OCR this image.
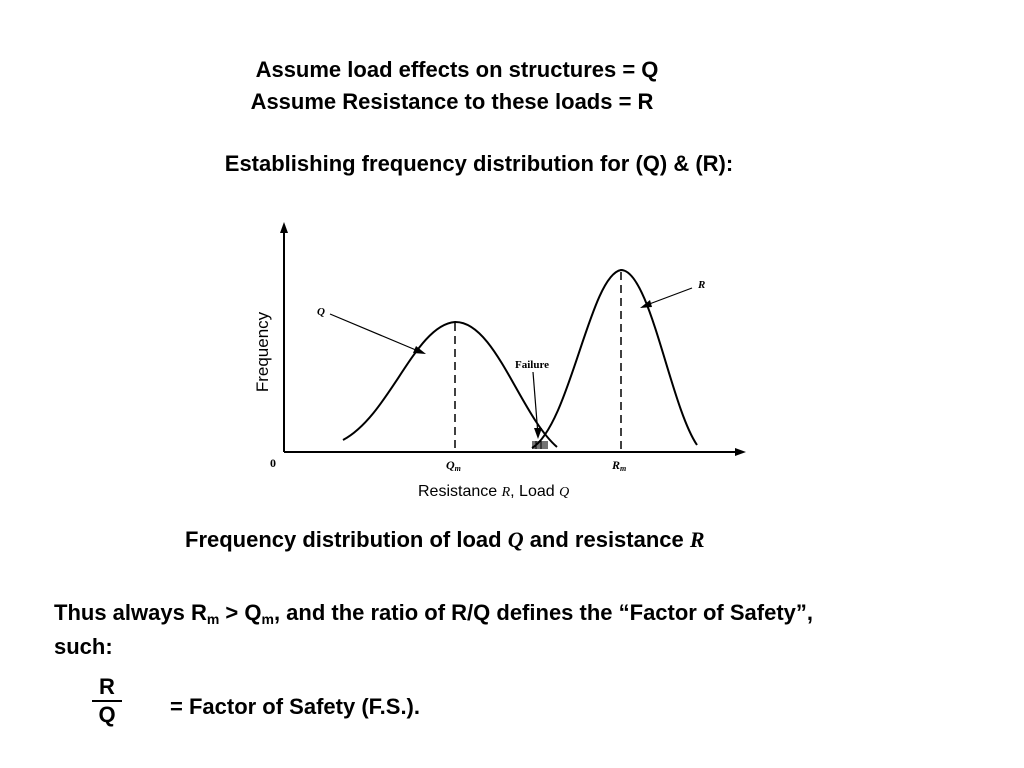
Assume load effects on structures = Q
Assume Resistance to these loads = R
Establishing frequency distribution for (Q) & (R):
Frequency
0
Q
R
Failure
Qm	Rm
Resistance R, Load Q
Frequency distribution of load Q and resistance R
Thus always $R_m > Q_m$, and the ratio of R/Q defines the “Factor of Safety”,
such:
$\frac{R}{Q}$ = Factor of Safety (F.S.).
